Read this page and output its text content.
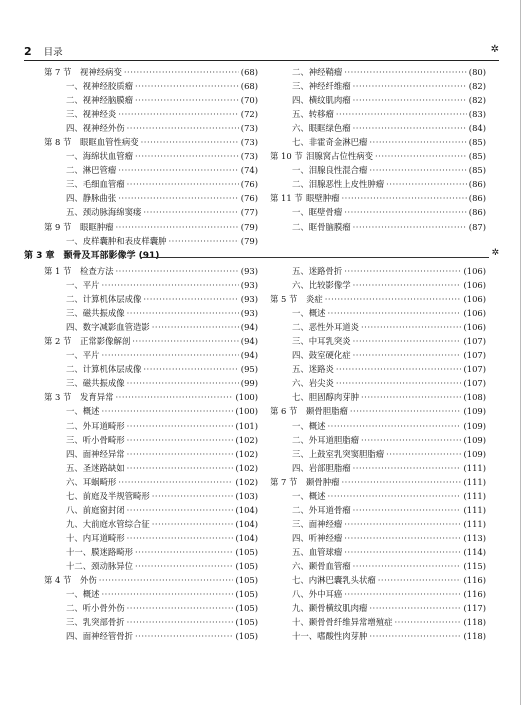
2 目录	✲
第 7 节 视神经病变 ·····	(68)
一、视神经胶质瘤 ·····	(68)
二、视神经脑膜瘤 ·····	(70)
三、视神经炎 ·····	(72)
四、视神经外伤 ·····	(73)
第 8 节 眼眶血管性病变 ·····	(73)
一、海绵状血管瘤 ·····	(73)
二、淋巴管瘤 ·····	(74)
三、毛细血管瘤 ·····	(76)
四、静脉曲张 ·····	(76)
五、颈动脉海绵窦瘘 ·····	(77)
第 9 节 眼眶肿瘤 ·····	(79)
一、皮样囊肿和表皮样囊肿 ·····	(79)
二、神经鞘瘤 ·····	(80)
三、神经纤维瘤 ·····	(82)
四、横纹肌肉瘤 ·····	(82)
五、转移瘤 ·····	(83)
六、眼眶绿色瘤 ·····	(84)
七、非霍奇金淋巴瘤 ·····	(85)
第 10 节 泪腺窝占位性病变 ·····	(85)
一、泪腺良性混合瘤 ·····	(85)
二、泪腺恶性上皮性肿瘤 ·····	(86)
第 11 节 眼壁肿瘤 ·····	(86)
一、眶壁骨瘤 ·····	(86)
二、眶骨脑膜瘤 ·····	(87)
第 3 章　颞骨及耳部影像学 (91)	✲
第 1 节 检查方法 ·····	(93)
一、平片 ·····	(93)
二、计算机体层成像 ·····	(93)
三、磁共振成像 ·····	(93)
四、数字减影血管造影 ·····	(94)
第 2 节 正常影像解剖 ·····	(94)
一、平片 ·····	(94)
二、计算机体层成像 ·····	(95)
三、磁共振成像 ·····	(99)
第 3 节 发育异常 ·····	(100)
一、概述 ·····	(100)
二、外耳道畸形 ·····	(101)
三、听小骨畸形 ·····	(102)
四、面神经异常 ·····	(102)
五、圣迷路缺如 ·····	(102)
六、耳蜗畸形 ·····	(102)
七、前庭及半规管畸形 ·····	(103)
八、前庭窗封闭 ·····	(104)
九、大前庭水管综合征 ·····	(104)
十、内耳道畸形 ·····	(104)
十一、膜迷路畸形 ·····	(105)
十二、颈动脉异位 ·····	(105)
第 4 节 外伤 ·····	(105)
一、概述 ·····	(105)
二、听小骨外伤 ·····	(105)
三、乳突部骨折 ·····	(105)
四、面神经管骨折 ·····	(105)
五、迷路骨折 ·····	(106)
六、比较影像学 ·····	(106)
第 5 节 炎症 ·····	(106)
一、概述 ·····	(106)
二、恶性外耳道炎 ·····	(106)
三、中耳乳突炎 ·····	(107)
四、鼓室硬化症 ·····	(107)
五、迷路炎 ·····	(107)
六、岩尖炎 ·····	(107)
七、胆固醇肉芽肿 ·····	(108)
第 6 节 颞骨胆脂瘤 ·····	(109)
一、概述 ·····	(109)
二、外耳道胆脂瘤 ·····	(109)
三、上鼓室乳突窦胆脂瘤 ·····	(109)
四、岩部胆脂瘤 ·····	(111)
第 7 节 颞骨肿瘤 ·····	(111)
一、概述 ·····	(111)
二、外耳道骨瘤 ·····	(111)
三、面神经瘤 ·····	(111)
四、听神经瘤 ·····	(113)
五、血管球瘤 ·····	(114)
六、颞骨血管瘤 ·····	(115)
七、内淋巴囊乳头状瘤 ·····	(116)
八、外中耳癌 ·····	(116)
九、颞骨横纹肌肉瘤 ·····	(117)
十、颞骨骨纤维异常增殖症 ·····	(118)
十一、嗜酸性肉芽肿 ·····	(118)
